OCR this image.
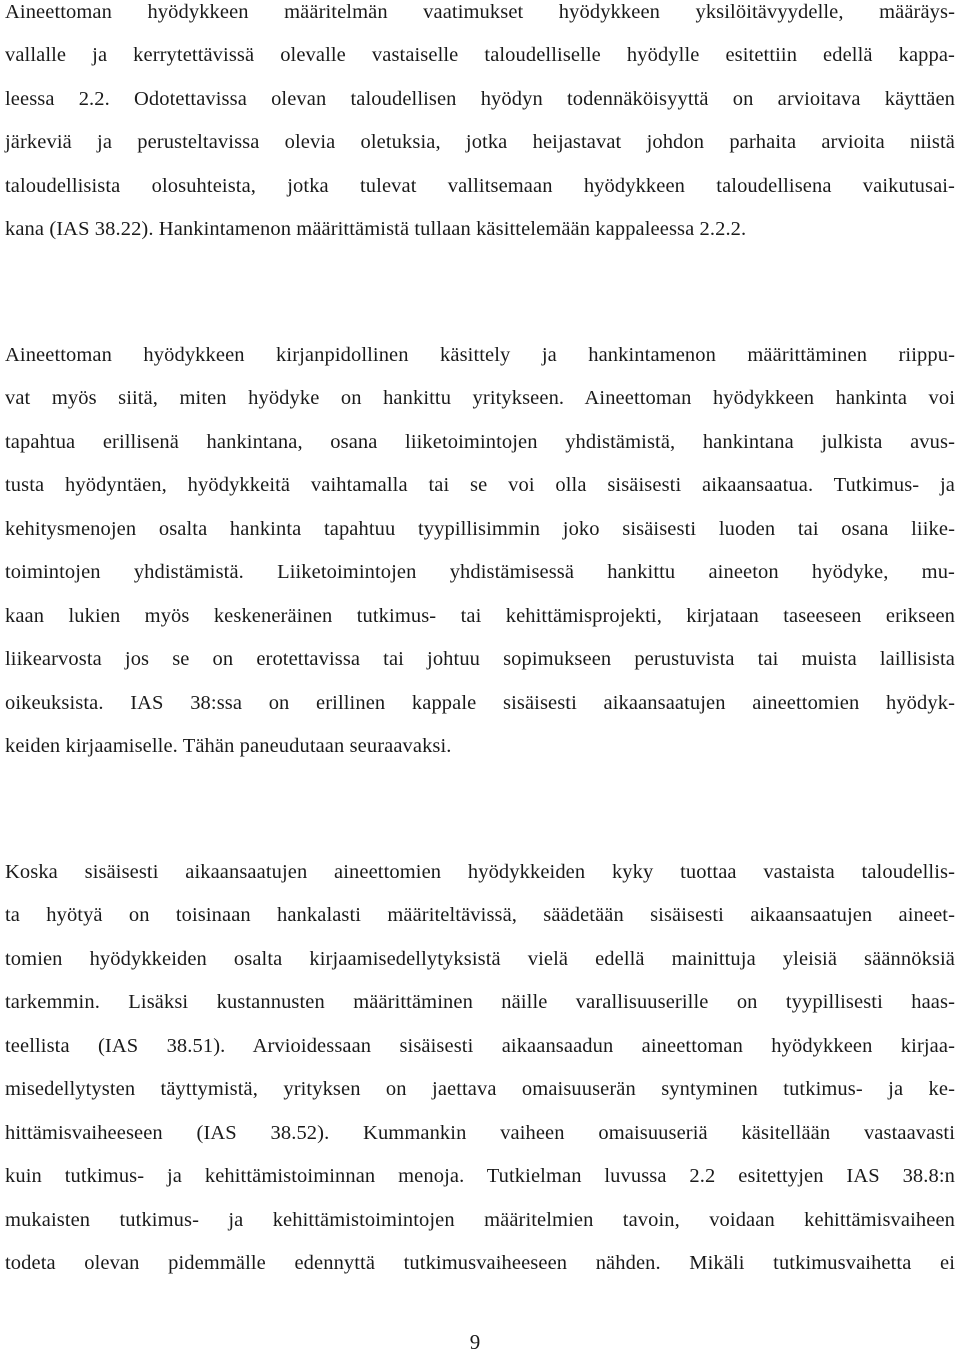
Aineettoman hyödykkeen määritelmän vaatimukset hyödykkeen yksilöitävyydelle, määräys-
vallalle ja kerrytettävissä olevalle vastaiselle taloudelliselle hyödylle esitettiin edellä kappa-
leessa 2.2. Odotettavissa olevan taloudellisen hyödyn todennäköisyyttä on arvioitava käyttäen
järkeviä ja perusteltavissa olevia oletuksia, jotka heijastavat johdon parhaita arvioita niistä
taloudellisista olosuhteista, jotka tulevat vallitsemaan hyödykkeen taloudellisena vaikutusai-
kana (IAS 38.22). Hankintamenon määrittämistä tullaan käsittelemään kappaleessa 2.2.2.
Aineettoman hyödykkeen kirjanpidollinen käsittely ja hankintamenon määrittäminen riippu-
vat myös siitä, miten hyödyke on hankittu yritykseen. Aineettoman hyödykkeen hankinta voi
tapahtua erillisenä hankintana, osana liiketoimintojen yhdistämistä, hankintana julkista avus-
tusta hyödyntäen, hyödykkeitä vaihtamalla tai se voi olla sisäisesti aikaansaatua. Tutkimus- ja
kehitysmenojen osalta hankinta tapahtuu tyypillisimmin joko sisäisesti luoden tai osana liike-
toimintojen yhdistämistä. Liiketoimintojen yhdistämisessä hankittu aineeton hyödyke, mu-
kaan lukien myös keskeneräinen tutkimus- tai kehittämisprojekti, kirjataan taseeseen erikseen
liikearvosta jos se on erotettavissa tai johtuu sopimukseen perustuvista tai muista laillisista
oikeuksista. IAS 38:ssa on erillinen kappale sisäisesti aikaansaatujen aineettomien hyödyk-
keiden kirjaamiselle. Tähän paneudutaan seuraavaksi.
Koska sisäisesti aikaansaatujen aineettomien hyödykkeiden kyky tuottaa vastaista taloudellis-
ta hyötyä on toisinaan hankalasti määriteltävissä, säädetään sisäisesti aikaansaatujen aineet-
tomien hyödykkeiden osalta kirjaamisedellytyksistä vielä edellä mainittuja yleisiä säännöksiä
tarkemmin. Lisäksi kustannusten määrittäminen näille varallisuuserille on tyypillisesti haas-
teellista (IAS 38.51). Arvioidessaan sisäisesti aikaansaadun aineettoman hyödykkeen kirjaa-
misedellytysten täyttymistä, yrityksen on jaettava omaisuuserän syntyminen tutkimus- ja ke-
hittämisvaiheeseen (IAS 38.52). Kummankin vaiheen omaisuuseriä käsitellään vastaavasti
kuin tutkimus- ja kehittämistoiminnan menoja. Tutkielman luvussa 2.2 esitettyjen IAS 38.8:n
mukaisten tutkimus- ja kehittämistoimintojen määritelmien tavoin, voidaan kehittämisvaiheen
todeta olevan pidemmälle edennyttä tutkimusvaiheeseen nähden. Mikäli tutkimusvaihetta ei
9
